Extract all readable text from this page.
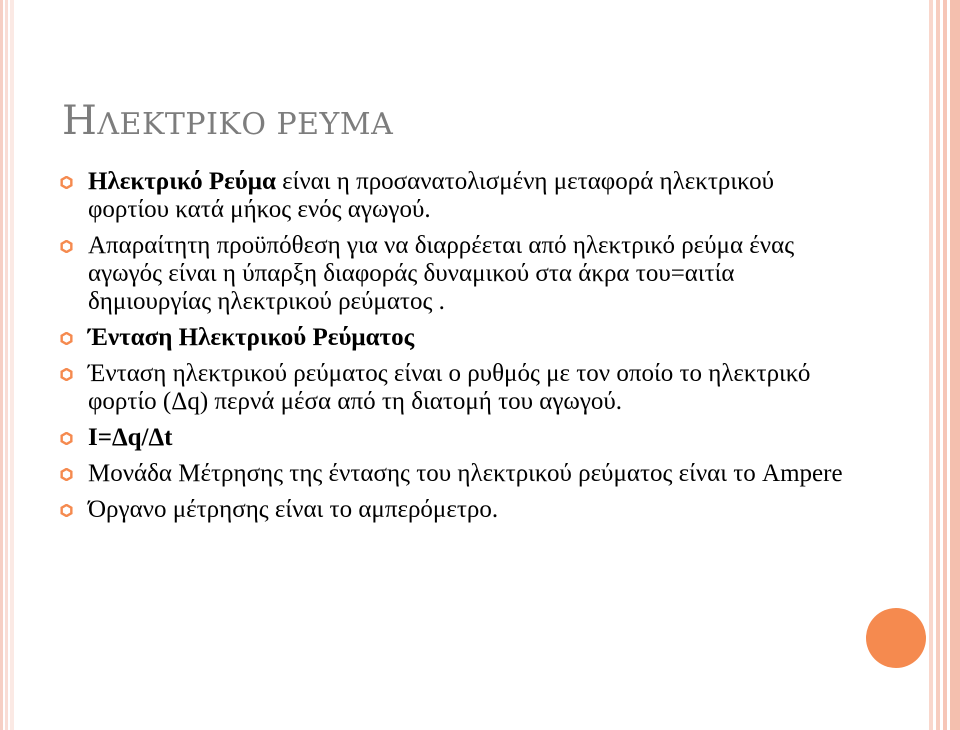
ΗΛΕΚΤΡΙΚΟ ΡΕΥΜΑ
Ηλεκτρικό Ρεύμα είναι η προσανατολισμένη μεταφορά ηλεκτρικού φορτίου κατά μήκος ενός αγωγού.
Απαραίτητη προϋπόθεση για να διαρρέεται από ηλεκτρικό ρεύμα ένας αγωγός είναι η ύπαρξη διαφοράς δυναμικού στα άκρα του=αιτία δημιουργίας ηλεκτρικού ρεύματος .
Ένταση Ηλεκτρικού Ρεύματος
Ένταση ηλεκτρικού ρεύματος είναι ο ρυθμός με τον οποίο το ηλεκτρικό φορτίο (Δq) περνά μέσα από τη διατομή του αγωγού.
I=Δq/Δt
Μονάδα Μέτρησης της έντασης του ηλεκτρικού ρεύματος είναι το Ampere
Όργανο μέτρησης είναι το αμπερόμετρο.
